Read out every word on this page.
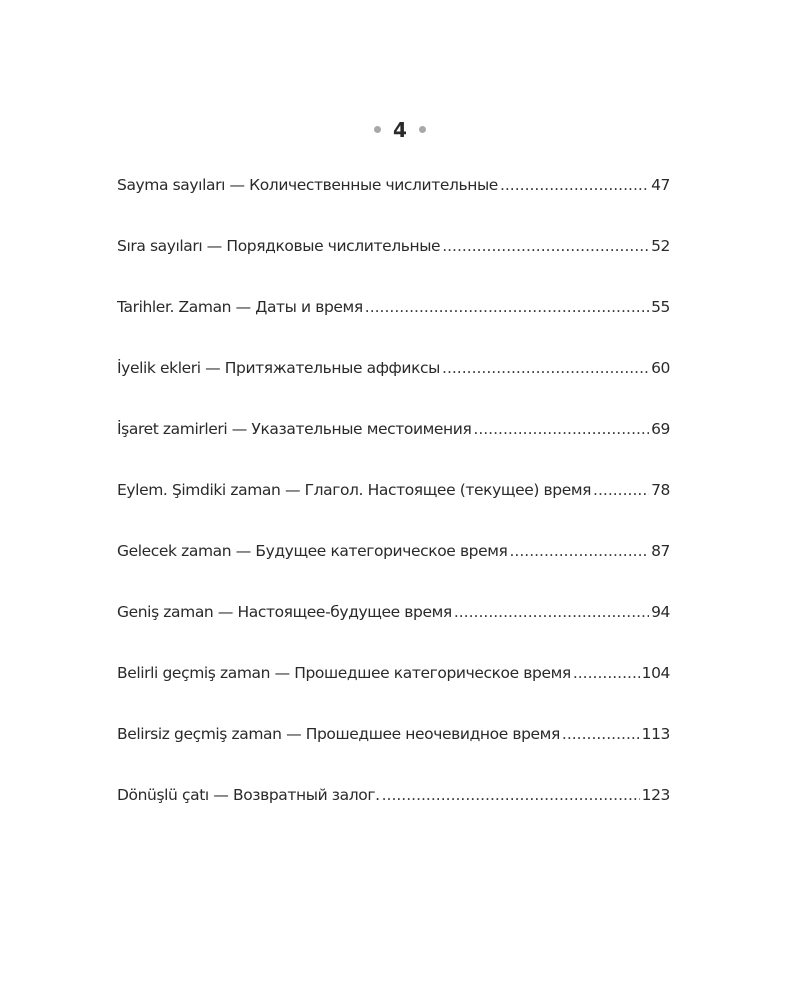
4
Sayma sayıları — Количественные числительные .....	47
Sıra sayıları — Порядковые числительные .....	52
Tarihler. Zaman — Даты и время .....	55
İyelik ekleri — Притяжательные аффиксы .....	60
İşaret zamirleri — Указательные местоимения .....	69
Eylem. Şimdiki zaman — Глагол. Настоящее (текущее) время .....	78
Gelecek zaman — Будущее категорическое время .....	87
Geniş zaman — Настоящее-будущее время .....	94
Belirli geçmiş zaman — Прошедшее категорическое время .....	104
Belirsiz geçmiş zaman — Прошедшее неочевидное время .....	113
Dönüşlü çatı — Возвратный залог. .....	123
